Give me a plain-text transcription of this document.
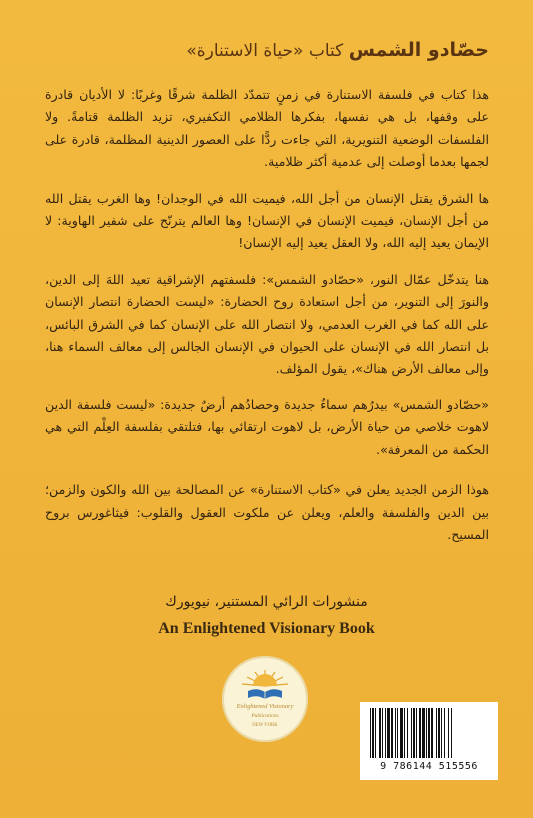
حصّادو الشمس كتاب «حياة الاستنارة»

هذا كتاب في فلسفة الاستنارة في زمنٍ تتمدّد الظلمة شرقًا وغربًا: لا الأديان قادرة على وقفها، بل هي نفسها، بفكرها الظلامي التكفيري، تزيد الظلمة قتامةً. ولا الفلسفات الوضعية التنويرية، التي جاءت ردًّا على العصور الدينية المظلمة، قادرة على لجمها بعدما أوصلت إلى عدمية أكثر ظلامية.

ها الشرق يقتل الإنسان من أجل الله، فيميت الله في الوجدان! وها الغرب يقتل الله من أجل الإنسان، فيميت الإنسان في الإنسان! وها العالم يترنّح على شفير الهاوية: لا الإيمان يعيد إليه الله، ولا العقل يعيد إليه الإنسان!

هنا يتدخّل عمّال النور، «حصّادو الشمس»: فلسفتهم الإشراقية تعيد اللهَ إلى الدين، والنورَ إلى التنوير، من أجل استعادة روح الحضارة: «ليست الحضارة انتصار الإنسان على الله كما في الغرب العدمي، ولا انتصار الله على الإنسان كما في الشرق البائس، بل انتصار الله في الإنسان على الحيوان في الإنسان الجالس إلى معالف السماء هنا، وإلى معالف الأرض هناك»، يقول المؤلف.

«حصّادو الشمس» بيدرُهم سماءٌ جديدة وحصادُهم أرضٌ جديدة: «ليست فلسفة الدين لاهوت خلاصي من حياة الأرض، بل لاهوت ارتقائي بها، فتلتقي بفلسفة العِلْم التي هي الحكمة من المعرفة».

هوذا الزمن الجديد يعلن في «كتاب الاستنارة» عن المصالحة بين الله والكون والزمن؛ بين الدين والفلسفة والعلم، ويعلن عن ملكوت العقول والقلوب: فيثاغورس بروح المسيح.

منشورات الرائي المستنير، نيويورك
An Enlightened Visionary Book
Enlightened Visionary
Publications
NEW YORK
9 786144 515556
